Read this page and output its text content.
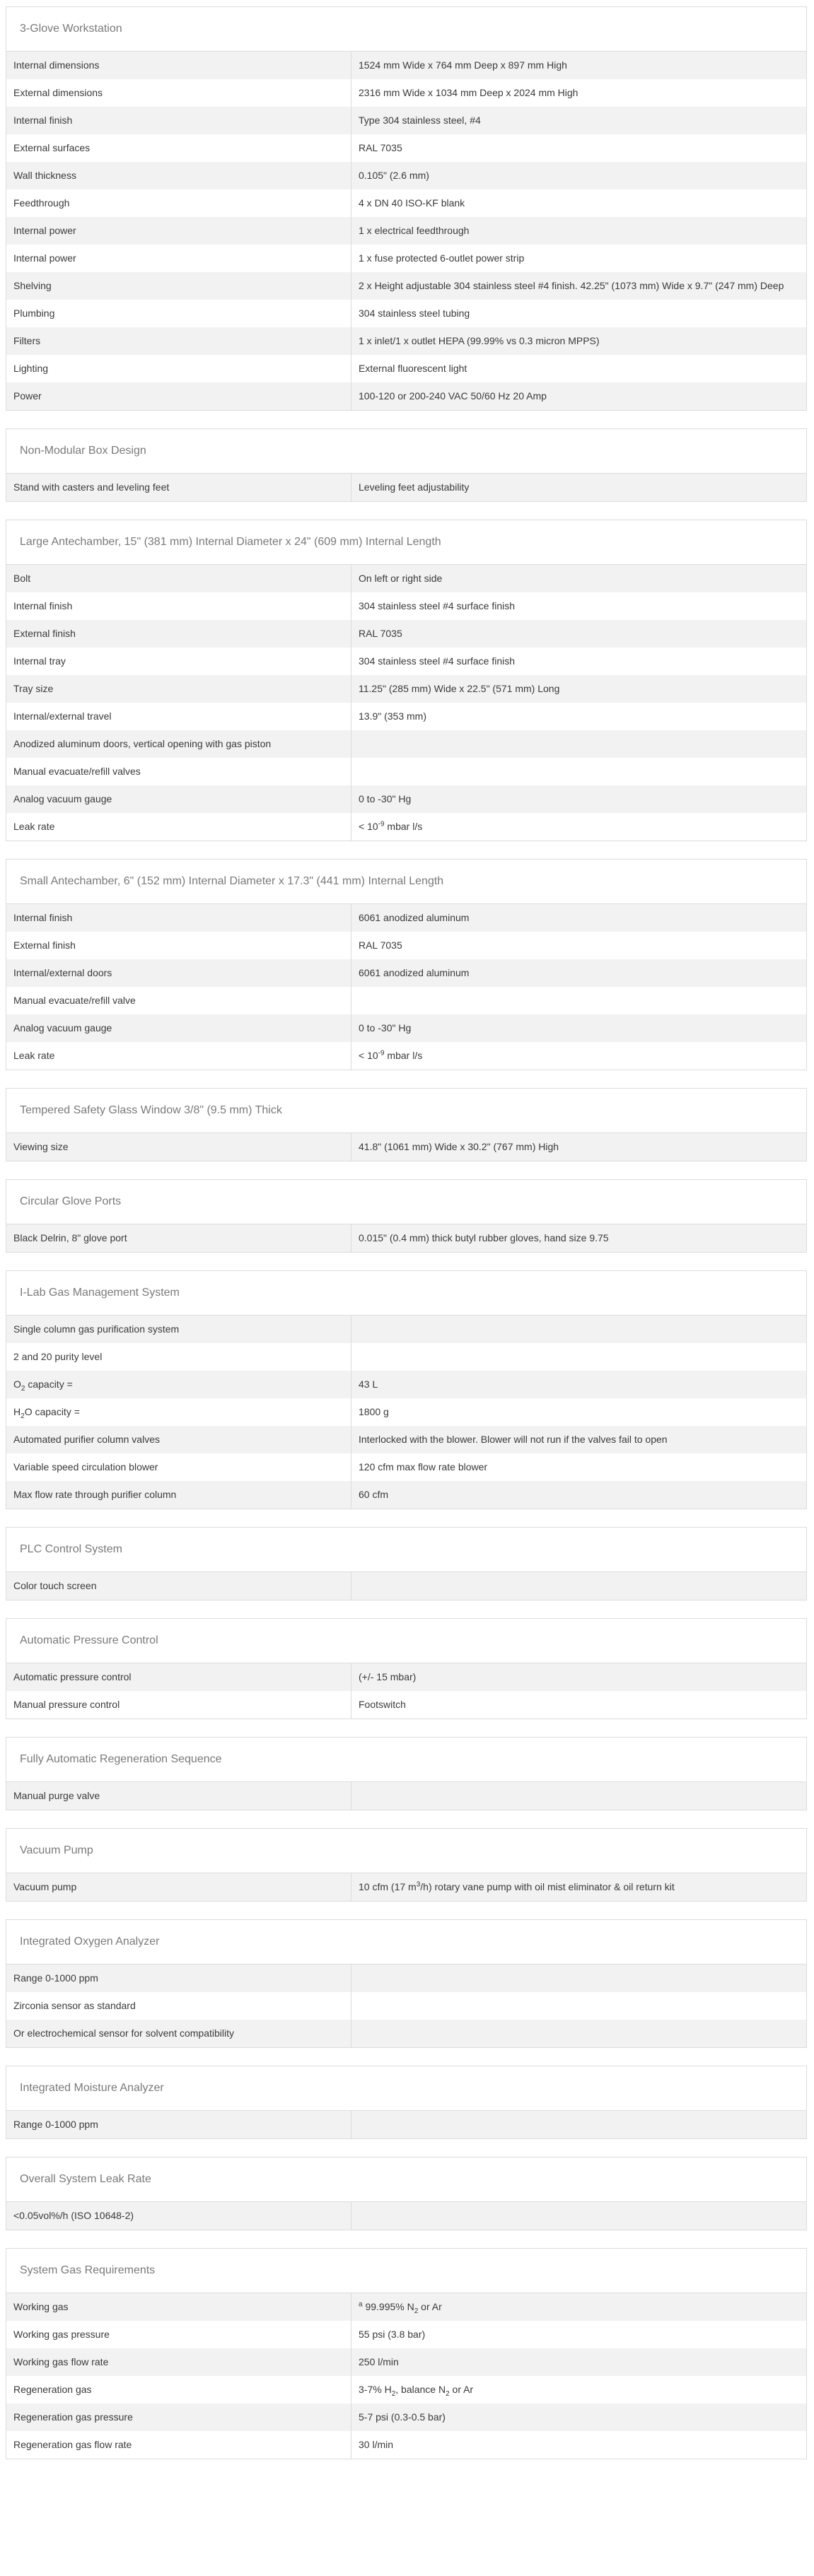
3-Glove Workstation
Internal dimensions	1524 mm Wide x 764 mm Deep x 897 mm High
External dimensions	2316 mm Wide x 1034 mm Deep x 2024 mm High
Internal finish	Type 304 stainless steel, #4
External surfaces	RAL 7035
Wall thickness	0.105" (2.6 mm)
Feedthrough	4 x DN 40 ISO-KF blank
Internal power	1 x electrical feedthrough
Internal power	1 x fuse protected 6-outlet power strip
Shelving	2 x Height adjustable 304 stainless steel #4 finish. 42.25" (1073 mm) Wide x 9.7" (247 mm) Deep
Plumbing	304 stainless steel tubing
Filters	1 x inlet/1 x outlet HEPA (99.99% vs 0.3 micron MPPS)
Lighting	External fluorescent light
Power	100-120 or 200-240 VAC 50/60 Hz 20 Amp
Non-Modular Box Design
Stand with casters and leveling feet	Leveling feet adjustability
Large Antechamber, 15" (381 mm) Internal Diameter x 24" (609 mm) Internal Length
Bolt	On left or right side
Internal finish	304 stainless steel #4 surface finish
External finish	RAL 7035
Internal tray	304 stainless steel #4 surface finish
Tray size	11.25" (285 mm) Wide x 22.5" (571 mm) Long
Internal/external travel	13.9" (353 mm)
Anodized aluminum doors, vertical opening with gas piston
Manual evacuate/refill valves
Analog vacuum gauge	0 to -30" Hg
Leak rate	< $10^{-9}$ mbar l/s
Small Antechamber, 6" (152 mm) Internal Diameter x 17.3" (441 mm) Internal Length
Internal finish	6061 anodized aluminum
External finish	RAL 7035
Internal/external doors	6061 anodized aluminum
Manual evacuate/refill valve
Analog vacuum gauge	0 to -30" Hg
Leak rate	< $10^{-9}$ mbar l/s
Tempered Safety Glass Window 3/8" (9.5 mm) Thick
Viewing size	41.8" (1061 mm) Wide x 30.2" (767 mm) High
Circular Glove Ports
Black Delrin, 8" glove port	0.015" (0.4 mm) thick butyl rubber gloves, hand size 9.75
I-Lab Gas Management System
Single column gas purification system
2 and 20 purity level
$O_2$ capacity =	43 L
$H_2O$ capacity =	1800 g
Automated purifier column valves	Interlocked with the blower. Blower will not run if the valves fail to open
Variable speed circulation blower	120 cfm max flow rate blower
Max flow rate through purifier column	60 cfm
PLC Control System
Color touch screen
Automatic Pressure Control
Automatic pressure control	(+/- 15 mbar)
Manual pressure control	Footswitch
Fully Automatic Regeneration Sequence
Manual purge valve
Vacuum Pump
Vacuum pump	10 cfm (17 $m^3/h$) rotary vane pump with oil mist eliminator & oil return kit
Integrated Oxygen Analyzer
Range 0-1000 ppm
Zirconia sensor as standard
Or electrochemical sensor for solvent compatibility
Integrated Moisture Analyzer
Range 0-1000 ppm
Overall System Leak Rate
<0.05vol%/h (ISO 10648-2)
System Gas Requirements
Working gas	$^a$ 99.995% $N_2$ or Ar
Working gas pressure	55 psi (3.8 bar)
Working gas flow rate	250 l/min
Regeneration gas	3-7% $H_2$, balance $N_2$ or Ar
Regeneration gas pressure	5-7 psi (0.3-0.5 bar)
Regeneration gas flow rate	30 l/min
